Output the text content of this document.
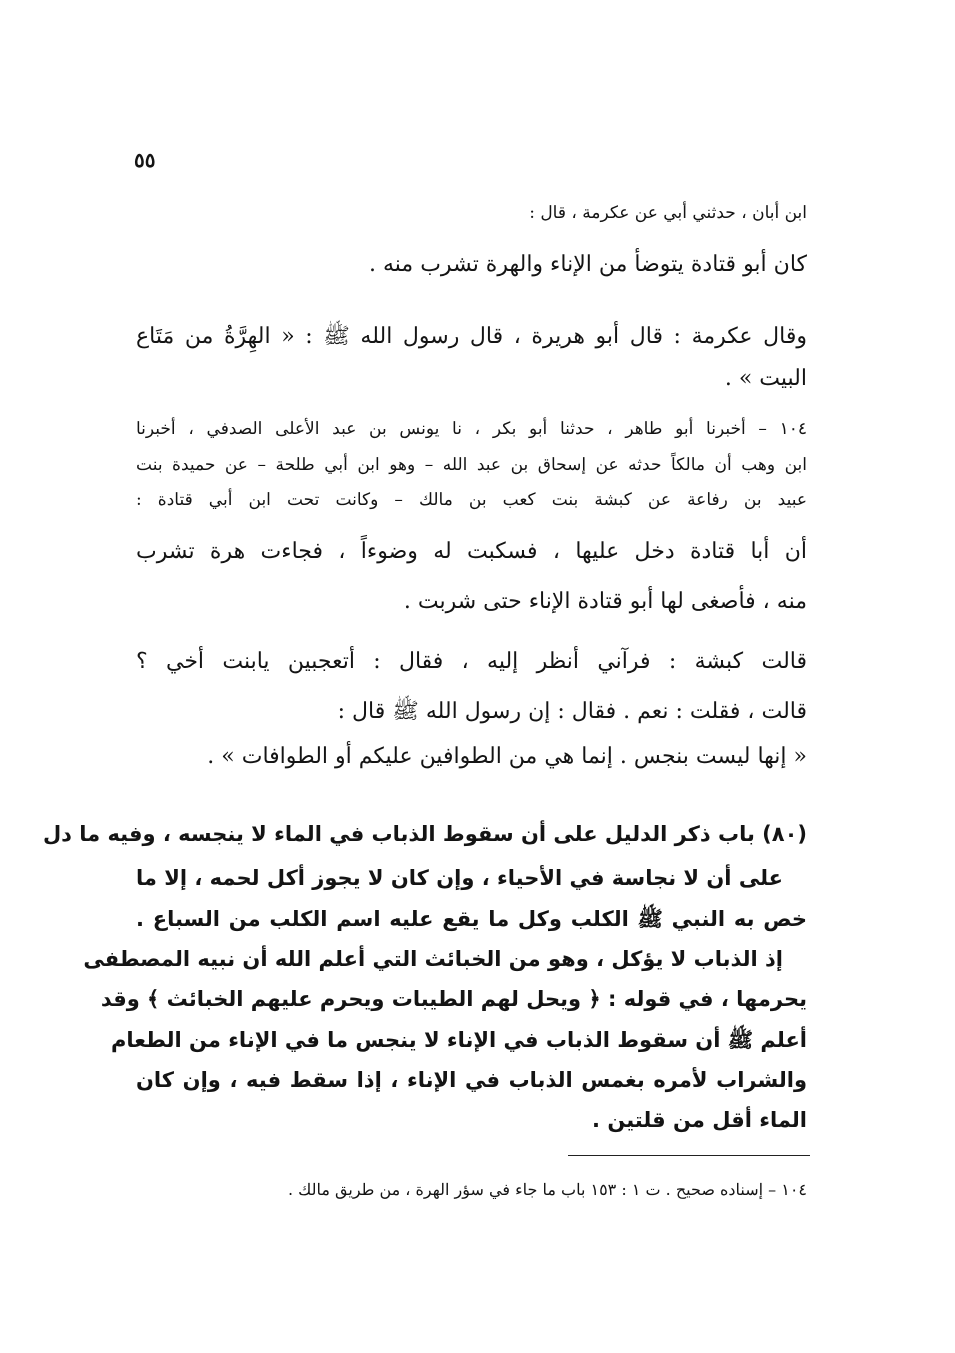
٥٥
ابن أبان ، حدثني أبي عن عكرمة ، قال :
كان أبو قتادة يتوضأ من الإناء والهرة تشرب منه .
وقال عكرمة : قال أبو هريرة ، قال رسول الله ﷺ : « الهِرَّةُ من مَتَاع
البيت » .
١٠٤ – أخبرنا أبو طاهر ، حدثنا أبو بكر ، نا يونس بن عبد الأعلى الصدفي ، أخبرنا
ابن وهب أن مالكاً حدثه عن إسحاق بن عبد الله – وهو ابن أبي طلحة – عن حميدة بنت
عبيد بن رفاعة عن كبشة بنت كعب بن مالك – وكانت تحت ابن أبي قتادة :
أن أبا قتادة دخل عليها ، فسكبت له وضوءاً ، فجاءت هرة تشرب
منه ، فأصغى لها أبو قتادة الإناء حتى شربت .
قالت كبشة : فرآني أنظر إليه ، فقال : أتعجبين يابنت أخي ؟
قالت ، فقلت : نعم . فقال : إن رسول الله ﷺ قال :
« إنها ليست بنجس . إنما هي من الطوافين عليكم أو الطوافات » .
(٨٠) باب ذكر الدليل على أن سقوط الذباب في الماء لا ينجسه ، وفيه ما دل
على أن لا نجاسة في الأحياء ، وإن كان لا يجوز أكل لحمه ، إلا ما
خص به النبي ﷺ الكلب وكل ما يقع عليه اسم الكلب من السباع .
إذ الذباب لا يؤكل ، وهو من الخبائث التي أعلم الله أن نبيه المصطفى
يحرمها ، في قوله : ﴿ ويحل لهم الطيبات ويحرم عليهم الخبائث ﴾ وقد
أعلم ﷺ أن سقوط الذباب في الإناء لا ينجس ما في الإناء من الطعام
والشراب لأمره بغمس الذباب في الإناء ، إذا سقط فيه ، وإن كان
الماء أقل من قلتين .
١٠٤ – إسناده صحيح . ت ١ : ١٥٣ باب ما جاء في سؤر الهرة ، من طريق مالك .
